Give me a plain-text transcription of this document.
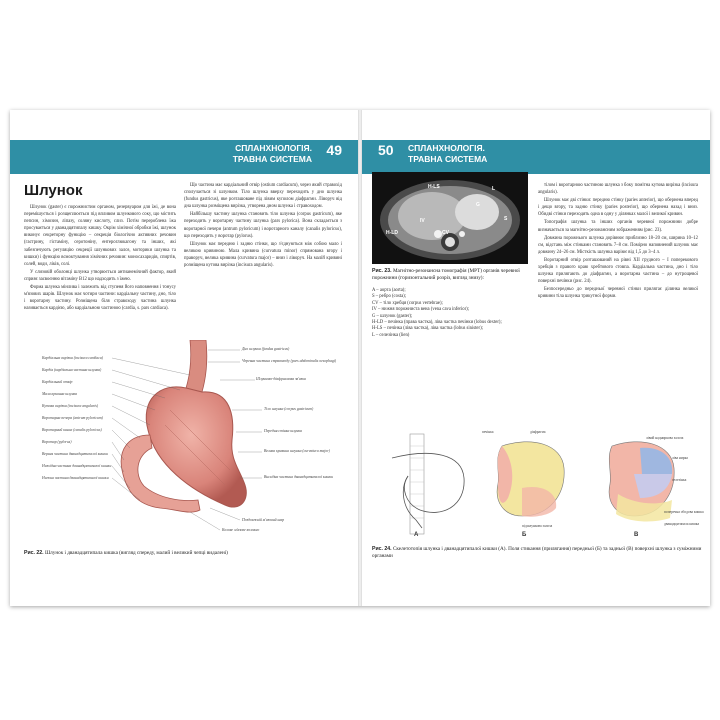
СПЛАНХНОЛОГІЯ.
ТРАВНА СИСТЕМА
49
Шлунок

Шлунок (gaster) є порожнистим органом, резервуаром для їжі, де вона перемішується і розщеплюється під впливом шлункового соку, що містить пепсин, хімозин, ліпазу, соляну кислоту, слиз. Потім перероблена їжа просувається у дванадцятипалу кишку. Окрім хімічної обробки їжі, шлунок виконує секреторну функцію – секреція біологічно активних речовин (гастрину, гістаміну, серотоніну, ентероглюкагону та інших, які забезпечують регуляцію секреції шлункових залоз, моторики шлунка та кишки) і функцію всмоктування хімічних речовин: моносахаридів, спиртів, солей, води, ліків, солі.

У слизовій оболонці шлунка утворюється антианемічний фактор, який сприяє засвоєнню вітаміну B12 що надходить з їжею.

Форма шлунка мінлива і залежить від ступеня його наповнення і тонусу м'язових шарів. Шлунок має чотири частини: кардіальну частину, дно, тіло і воротарну частину. Розміщена біля стравоходу частина шлунка називається кардією, або кардіальною частиною (cardia, s. pars cardiaca).

Що частина має кардіальний отвір (ostium cardiacum), через який стравохід сполучається зі шлунком. Тіло шлунка вверху переходить у дно шлунка (fundus gastricus), яке розташоване під лівим куполом діафрагми. Ліворуч від дна шлунка розміщена вирізка, утворена дном шлунка і стравоходом.

Найбільшу частину шлунка становить тіло шлунка (corpus gastricum), яке переходить у воротарну частину шлунка (pars pylorica). Вона складається з воротарної печери (antrum pyloricum) і воротарного каналу (canalis pyloricus), що переходить у воротар (pylorus).

Шлунок має передню і задню стінки, що з'єднуються між собою мало і великою кривиною. Мала кривина (curvatura minor) спрямована вгору і праворуч, велика кривина (curvatura major) – вниз і ліворуч. На малій кривині розміщена кутова вирізка (incisura angularis).

Кардіальна вирізка (incisura cardiaca)
Дно шлунка (fundus gastricus)
Черевна частина стравоходу (pars abdominalis oesophagi)
Кардія (кардіальна частина шлунка)
Кардіальний отвір
Шлунково-діафрагмова зв'язка
Мала кривина шлунка
Кутова вирізка (incisura angularis)
Тіло шлунка (corpus gastricum)
Передня стінка шлунка
Велика кривина шлунка (curvatura major)
Воротарна печера (antrum pyloricum)
Воротарний канал (canalis pyloricus)
Воротар (pylorus)
Верхня частина дванадцятипалої кишки
Низхідна частина дванадцятипалої кишки
Нижня частина дванадцятипалої кишки	Висхідна частина дванадцятипалої кишки
Поздовжній м'язовий шар
Колове м'язове волокно
Рис. 22. Шлунок і дванадцятипала кишка (вигляд спереду, малий і великий чепці видалені)
50 СПЛАНХНОЛОГІЯ.
ТРАВНА СИСТЕМА
H-LS
H-LD
IV
CV
S
G
L
Рис. 23. Магнітно-резонансна томографія (МРТ) органів черевної порожнини (горизонтальний розріз, вигляд знизу):
A – аорта (aorta);
S – ребро (costa);
CV – тіло хребця (corpus vertebrae);
IV – нижня порожниста вена (vena cava inferior);
G – шлунок (gaster);
H-LD – печінка (права частка), ліва частка печінки (lobus dexter);
H-LS – печінка (ліва частка), ліва частка (lobus sinister);
L – селезінка (lien)

тілом і воротарною частиною шлунка з боку помітна кутова вирізка (incisura angularis).

Шлунок має дві стінки: передню стінку (paries anterior), що обернена вперед і дещо вгору, та задню стінку (paries posterior), що обернена назад і вниз. Обидві стінки переходять одна в одну у ділянках малої і великої кривин.

Топографія шлунка та інших органів черевної порожнини добре визначається за магнітно-резонансним зображенням (рис. 23).

Довжина порожнього шлунка дорівнює приблизно 18–20 см, ширина 10–12 см, відстань між стінками становить 7–8 см. Помірно наповнений шлунок має довжину 24–26 см. Місткість шлунка варіює від 1,5 до 3–4 л.

Воротарний отвір розташований на рівні XII грудного – I поперекового хребців з правого краю хребтового стовпа. Кардіальна частина, дно і тіло шлунка прилягають до діафрагми, а воротарна частина – до нутрощевої поверхні печінки (рис. 24).

Безпосередньо до передньої черевної стінки прилягає ділянка великої кривини тіла шлунка трикутної форми.

А	Б	В
печінка	діафрагма
підшлункова залоза
ліва нирка
лівий надниркова залоза
селезінка
поперечна ободова кишка
дванадцятипала кишка
Рис. 24. Скелетотопія шлунка і дванадцятипалої кишки (А). Поля стикання (прилягання) передньої (Б) та задньої (В) поверхні шлунка з суміжними органами
